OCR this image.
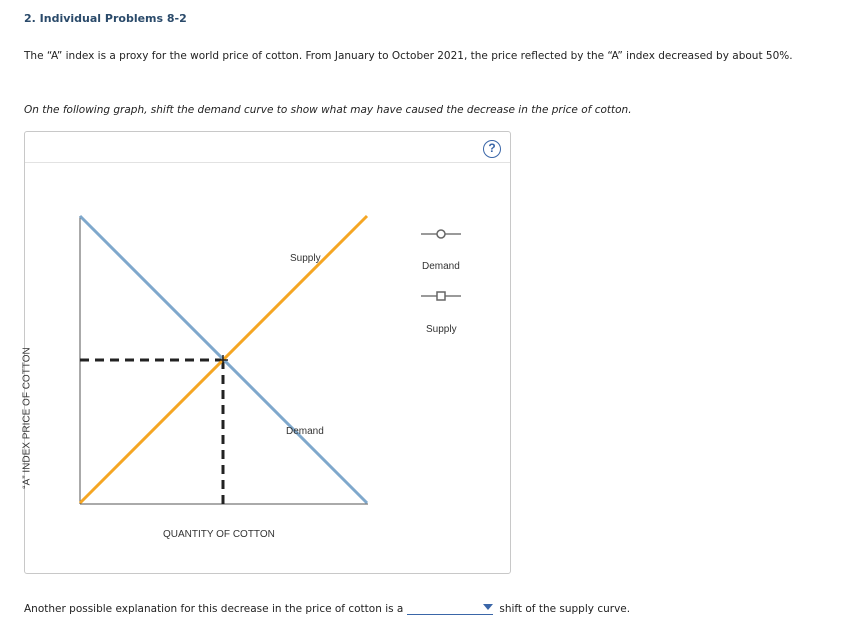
2. Individual Problems 8-2
The “A” index is a proxy for the world price of cotton. From January to October 2021, the price reflected by the “A” index decreased by about 50%.
On the following graph, shift the demand curve to show what may have caused the decrease in the price of cotton.
?
“A” INDEX PRICE OF COTTON
QUANTITY OF COTTON
Supply
Demand
Demand
Supply
Another possible explanation for this decrease in the price of cotton is a	shift of the supply curve.
